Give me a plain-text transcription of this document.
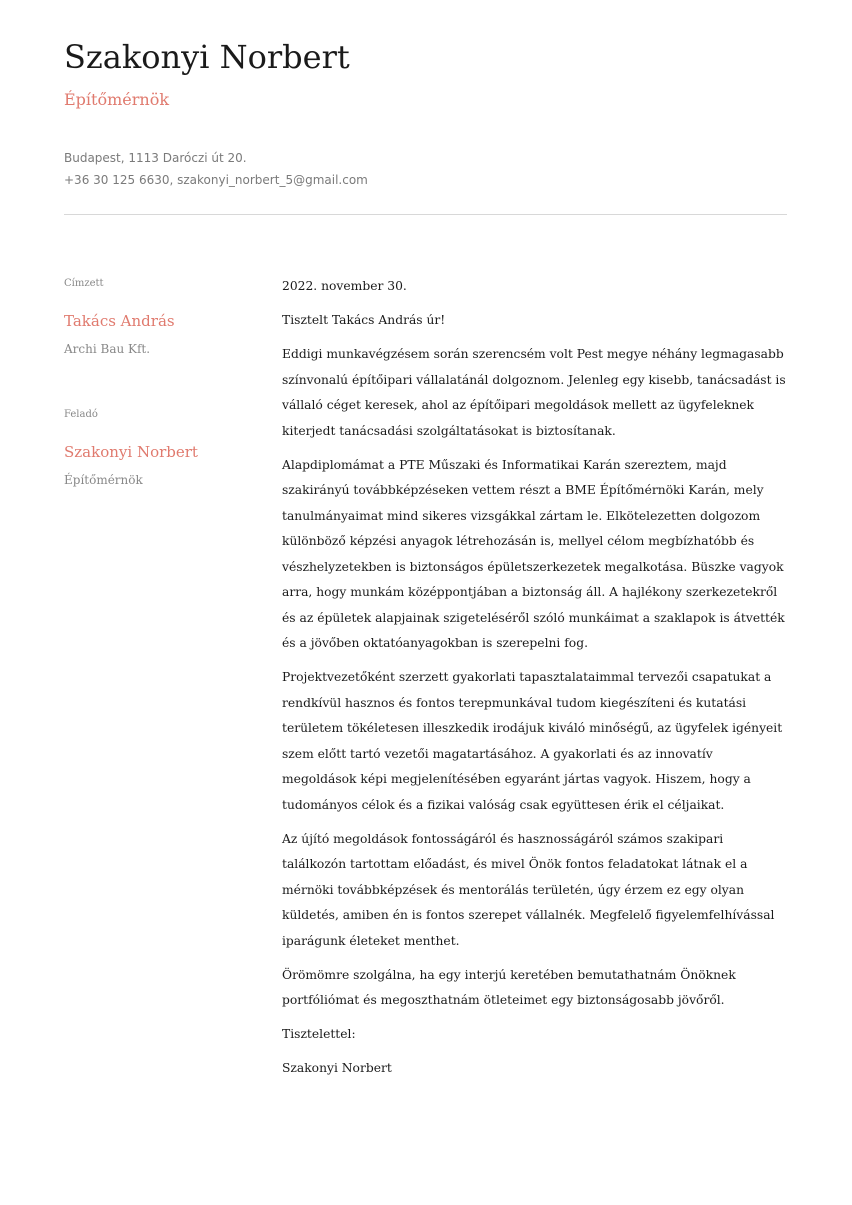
Szakonyi Norbert
Építőmérnök
Budapest, 1113 Daróczi út 20.
+36 30 125 6630, szakonyi_norbert_5@gmail.com
Címzett
Takács András
Archi Bau Kft.
Feladó
Szakonyi Norbert
Építőmérnök

2022. november 30.

Tisztelt Takács András úr!

Eddigi munkavégzésem során szerencsém volt Pest megye néhány legmagasabb színvonalú építőipari vállalatánál dolgoznom. Jelenleg egy kisebb, tanácsadást is vállaló céget keresek, ahol az építőipari megoldások mellett az ügyfeleknek kiterjedt tanácsadási szolgáltatásokat is biztosítanak.

Alapdiplomámat a PTE Műszaki és Informatikai Karán szereztem, majd szakirányú továbbképzéseken vettem részt a BME Építőmérnöki Karán, mely tanulmányaimat mind sikeres vizsgákkal zártam le. Elkötelezetten dolgozom különböző képzési anyagok létrehozásán is, mellyel célom megbízhatóbb és vészhelyzetekben is biztonságos épületszerkezetek megalkotása. Büszke vagyok arra, hogy munkám középpontjában a biztonság áll. A hajlékony szerkezetekről és az épületek alapjainak szigeteléséről szóló munkáimat a szaklapok is átvették és a jövőben oktatóanyagokban is szerepelni fog.

Projektvezetőként szerzett gyakorlati tapasztalataimmal tervezői csapatukat a rendkívül hasznos és fontos terepmunkával tudom kiegészíteni és kutatási területem tökéletesen illeszkedik irodájuk kiváló minőségű, az ügyfelek igényeit szem előtt tartó vezetői magatartásához. A gyakorlati és az innovatív megoldások képi megjelenítésében egyaránt jártas vagyok. Hiszem, hogy a tudományos célok és a fizikai valóság csak együttesen érik el céljaikat.

Az újító megoldások fontosságáról és hasznosságáról számos szakipari találkozón tartottam előadást, és mivel Önök fontos feladatokat látnak el a mérnöki továbbképzések és mentorálás területén, úgy érzem ez egy olyan küldetés, amiben én is fontos szerepet vállalnék. Megfelelő figyelemfelhívással iparágunk életeket menthet.

Örömömre szolgálna, ha egy interjú keretében bemutathatnám Önöknek portfóliómat és megoszthatnám ötleteimet egy biztonságosabb jövőről.

Tisztelettel:

Szakonyi Norbert
